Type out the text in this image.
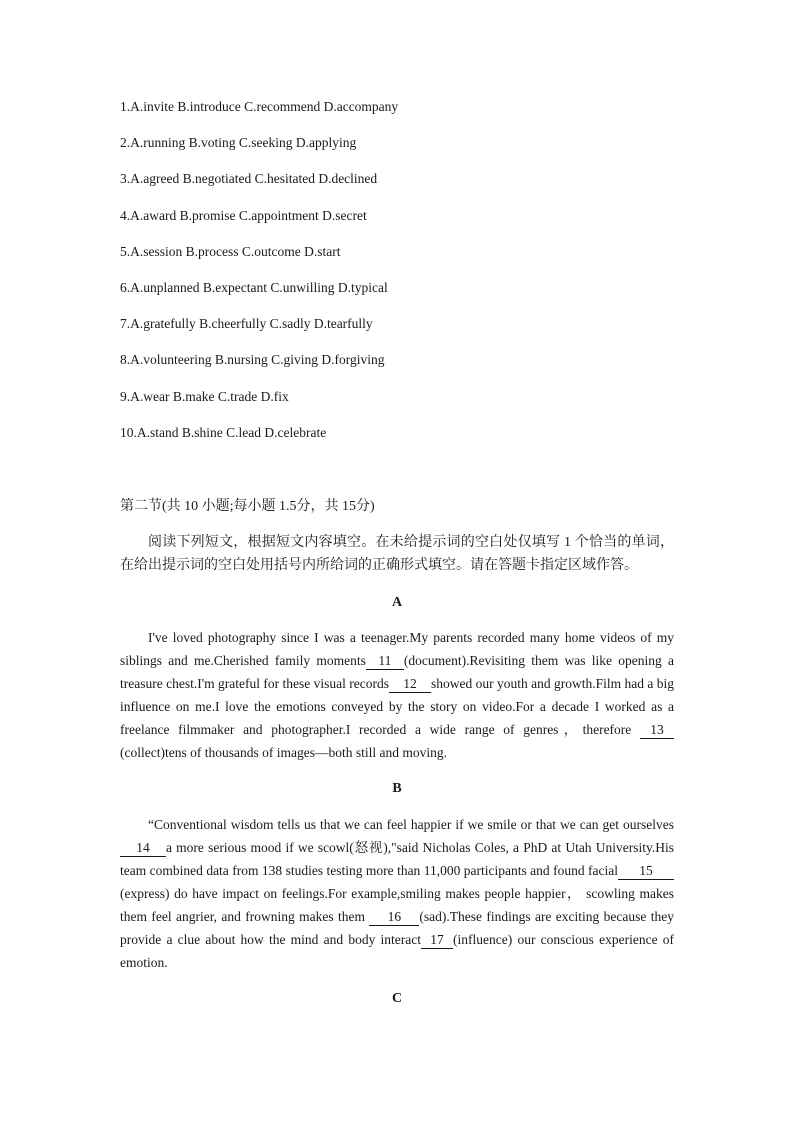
1.A.invite B.introduce C.recommend D.accompany
2.A.running B.voting C.seeking D.applying
3.A.agreed B.negotiated C.hesitated D.declined
4.A.award B.promise C.appointment D.secret
5.A.session B.process C.outcome D.start
6.A.unplanned B.expectant C.unwilling D.typical
7.A.gratefully B.cheerfully C.sadly D.tearfully
8.A.volunteering B.nursing C.giving D.forgiving
9.A.wear B.make C.trade D.fix
10.A.stand B.shine C.lead D.celebrate
第二节(共 10 小题;每小题 1.5分，共 15分)
阅读下列短文，根据短文内容填空。在未给提示词的空白处仅填写 1 个恰当的单词，在给出提示词的空白处用括号内所给词的正确形式填空。请在答题卡指定区域作答。
A
I've loved photography since I was a teenager.My parents recorded many home videos of my siblings and me.Cherished family moments 11 (document).Revisiting them was like opening a treasure chest.I'm grateful for these visual records 12 showed our youth and growth.Film had a big influence on me.I love the emotions conveyed by the story on video.For a decade I worked as a freelance filmmaker and photographer.I recorded a wide range of genres，therefore 13(collect)tens of thousands of images—both still and moving.
B
“Conventional wisdom tells us that we can feel happier if we smile or that we can get ourselves14 a more serious mood if we scowl(怒视),"said Nicholas Coles, a PhD at Utah University.His team combined data from 138 studies testing more than 11,000 participants and found facial 15(express) do have impact on feelings.For example,smiling makes people happier， scowling makes them feel angrier, and frowning makes them 16 (sad).These findings are exciting because they provide a clue about how the mind and body interact 17 (influence) our conscious experience of emotion.
C
